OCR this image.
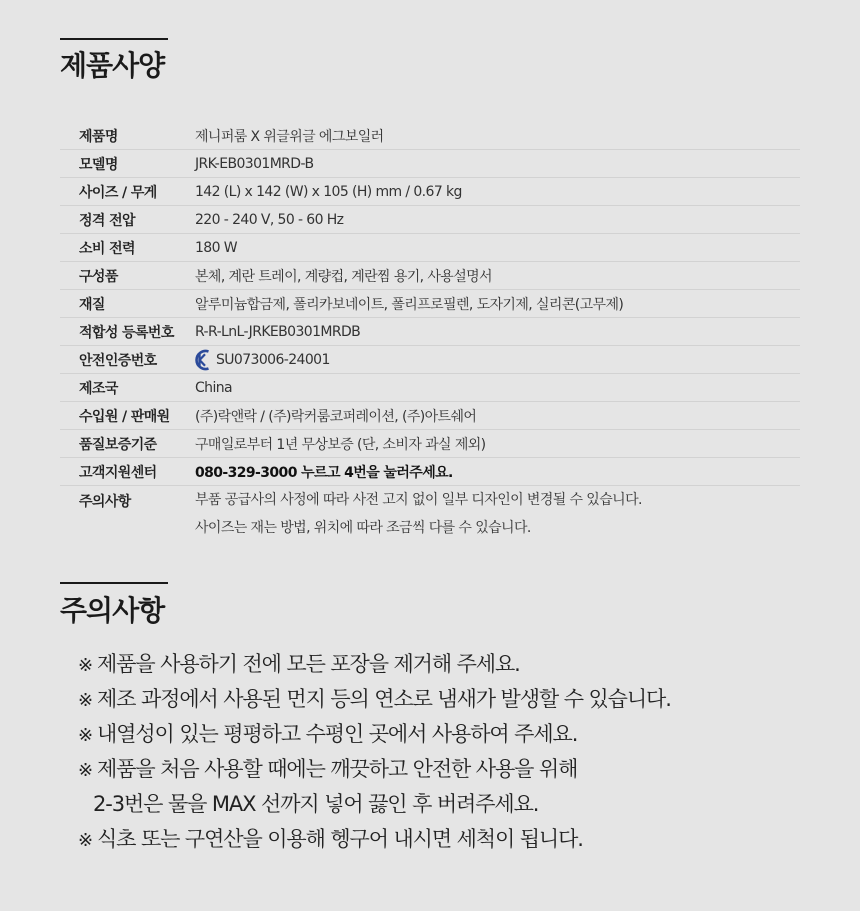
제품사양
제품명	제니퍼룸 X 위글위글 에그보일러
모델명	JRK-EB0301MRD-B
사이즈 / 무게	142 (L) x 142 (W) x 105 (H) mm / 0.67 kg
정격 전압	220 - 240 V, 50 - 60 Hz
소비 전력	180 W
구성품	본체, 계란 트레이, 계량컵, 계란찜 용기, 사용설명서
재질	알루미늄합금제, 폴리카보네이트, 폴리프로필렌, 도자기제, 실리콘(고무제)
적합성 등록번호	R-R-LnL-JRKEB0301MRDB
안전인증번호	SU073006-24001
제조국	China
수입원 / 판매원	(주)락앤락 / (주)락커룸코퍼레이션, (주)아트쉐어
품질보증기준	구매일로부터 1년 무상보증 (단, 소비자 과실 제외)
고객지원센터	080-329-3000 누르고 4번을 눌러주세요.
주의사항	부품 공급사의 사정에 따라 사전 고지 없이 일부 디자인이 변경될 수 있습니다.
사이즈는 재는 방법, 위치에 따라 조금씩 다를 수 있습니다.
주의사항
※ 제품을 사용하기 전에 모든 포장을 제거해 주세요.
※ 제조 과정에서 사용된 먼지 등의 연소로 냄새가 발생할 수 있습니다.
※ 내열성이 있는 평평하고 수평인 곳에서 사용하여 주세요.
※ 제품을 처음 사용할 때에는 깨끗하고 안전한 사용을 위해
2-3번은 물을 MAX 선까지 넣어 끓인 후 버려주세요.
※ 식초 또는 구연산을 이용해 헹구어 내시면 세척이 됩니다.
